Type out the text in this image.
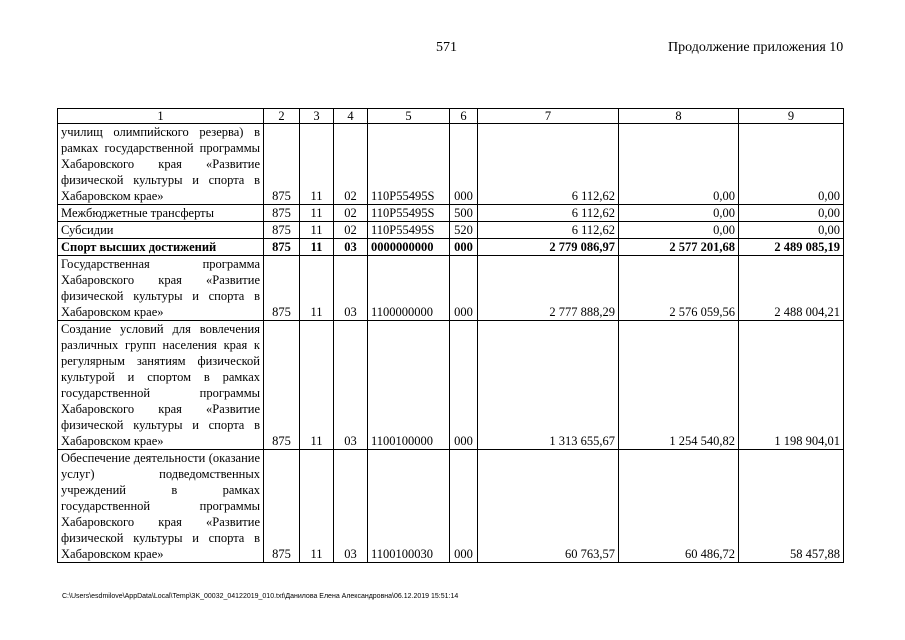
571	Продолжение приложения 10
1	2	3	4	5	6	7	8	9
училищ олимпийского резерва) в рамках государственной программы Хабаровского края «Развитие физической культуры и спорта в Хабаровском крае»	875	11	02	110P55495S	000	6 112,62	0,00	0,00
Межбюджетные трансферты	875	11	02	110P55495S	500	6 112,62	0,00	0,00
Субсидии	875	11	02	110P55495S	520	6 112,62	0,00	0,00
Спорт высших достижений	875	11	03	0000000000	000	2 779 086,97	2 577 201,68	2 489 085,19
Государственная программа Хабаровского края «Развитие физической культуры и спорта в Хабаровском крае»	875	11	03	1100000000	000	2 777 888,29	2 576 059,56	2 488 004,21
Создание условий для вовлечения различных групп населения края к регулярным занятиям физической культурой и спортом в рамках государственной программы Хабаровского края «Развитие физической культуры и спорта в Хабаровском крае»	875	11	03	1100100000	000	1 313 655,67	1 254 540,82	1 198 904,01
Обеспечение деятельности (оказание услуг) подведомственных учреждений в рамках государственной программы Хабаровского края «Развитие физической культуры и спорта в Хабаровском крае»	875	11	03	1100100030	000	60 763,57	60 486,72	58 457,88
C:\Users\esdmilove\AppData\Local\Temp\3K_00032_04122019_010.txt\Данилова Елена Александровна\06.12.2019 15:51:14
